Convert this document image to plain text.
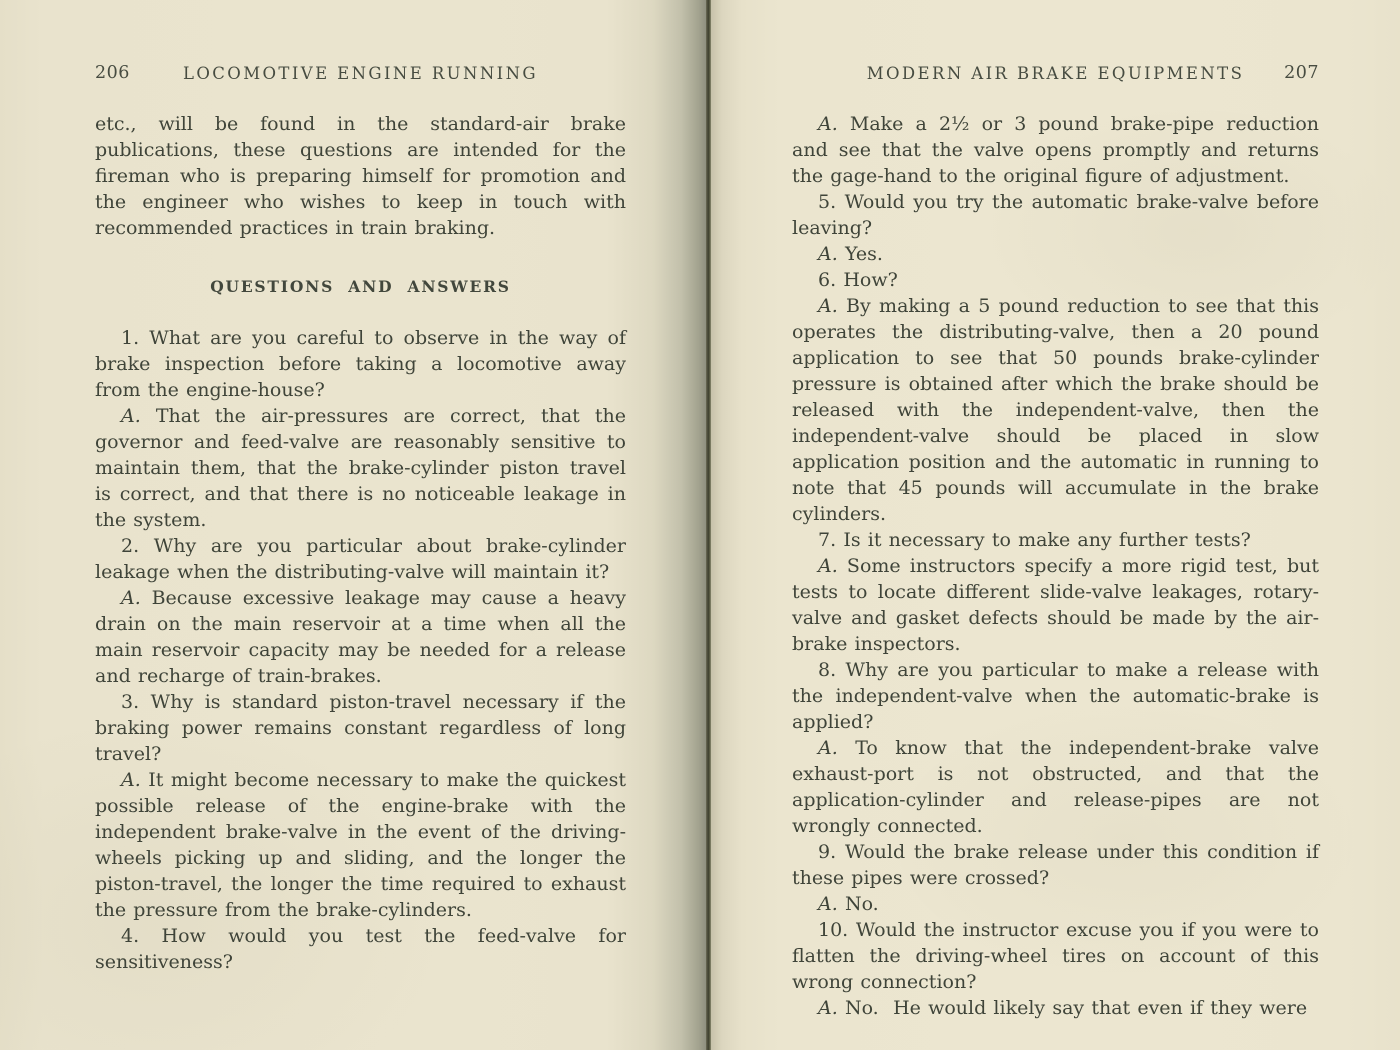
206	LOCOMOTIVE ENGINE RUNNING

etc., will be found in the standard-air brake publications, these questions are intended for the fireman who is preparing himself for promotion and the engineer who wishes to keep in touch with recommended practices in train braking.

QUESTIONS AND ANSWERS

1. What are you careful to observe in the way of brake inspection before taking a locomotive away from the engine-house?

A. That the air-pressures are correct, that the governor and feed-valve are reasonably sensitive to maintain them, that the brake-cylinder piston travel is correct, and that there is no noticeable leakage in the system.

2. Why are you particular about brake-cylinder leakage when the distributing-valve will maintain it?

A. Because excessive leakage may cause a heavy drain on the main reservoir at a time when all the main reservoir capacity may be needed for a release and recharge of train-brakes.

3. Why is standard piston-travel necessary if the braking power remains constant regardless of long travel?

A. It might become necessary to make the quickest possible release of the engine-brake with the independent brake-valve in the event of the driving-wheels picking up and sliding, and the longer the piston-travel, the longer the time required to exhaust the pressure from the brake-cylinders.

4. How would you test the feed-valve for sensitiveness?

MODERN AIR BRAKE EQUIPMENTS 207

A. Make a 2½ or 3 pound brake-pipe reduction and see that the valve opens promptly and returns the gage-hand to the original figure of adjustment.

5. Would you try the automatic brake-valve before leaving?

A. Yes.

6. How?

A. By making a 5 pound reduction to see that this operates the distributing-valve, then a 20 pound application to see that 50 pounds brake-cylinder pressure is obtained after which the brake should be released with the independent-valve, then the independent-valve should be placed in slow application position and the automatic in running to note that 45 pounds will accumulate in the brake cylinders.

7. Is it necessary to make any further tests?

A. Some instructors specify a more rigid test, but tests to locate different slide-valve leakages, rotary-valve and gasket defects should be made by the air-brake inspectors.

8. Why are you particular to make a release with the independent-valve when the automatic-brake is applied?

A. To know that the independent-brake valve exhaust-port is not obstructed, and that the application-cylinder and release-pipes are not wrongly connected.

9. Would the brake release under this condition if these pipes were crossed?

A. No.

10. Would the instructor excuse you if you were to flatten the driving-wheel tires on account of this wrong connection?

A. No.  He would likely say that even if they were
